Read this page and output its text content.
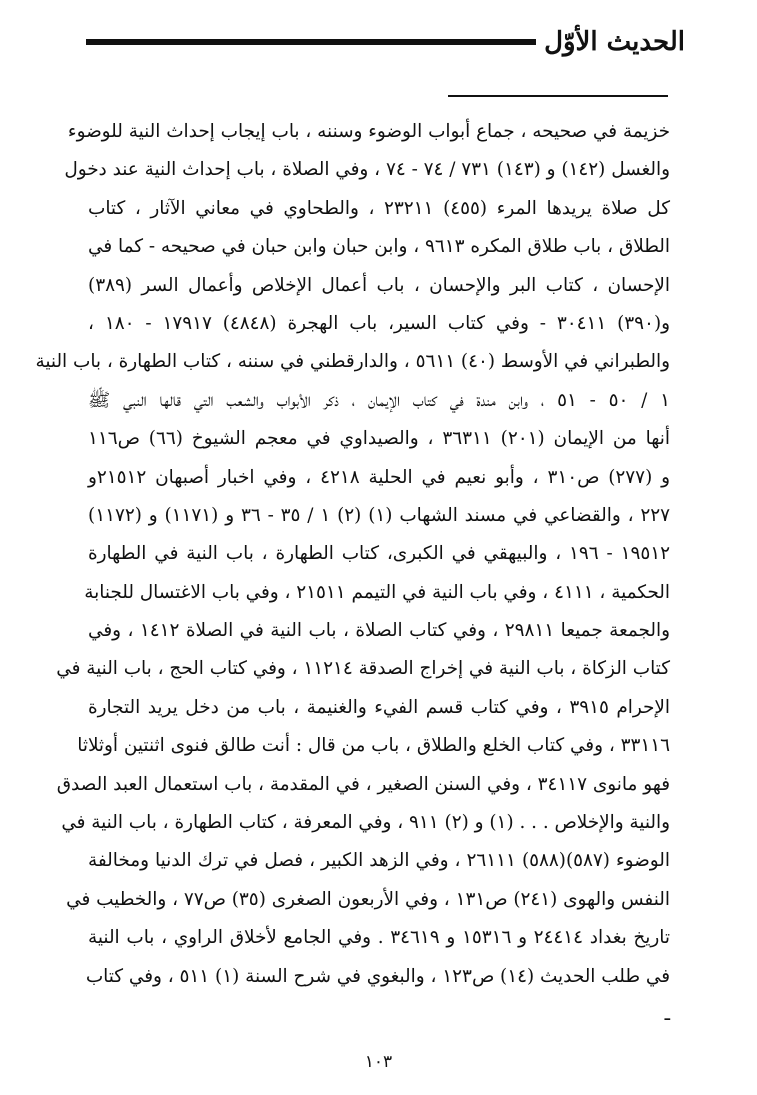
الحديث الأوّل
خزيمة في صحيحه ، جماع أبواب الوضوء وسننه ، باب إيجاب إحداث النية للوضوء
والغسل (١٤٢) و (١٤٣) ٧٣١ / ٧٤ - ٧٤ ، وفي الصلاة ، باب إحداث النية عند دخول
كل صلاة يريدها المرء (٤٥٥) ٢٣٢١١ ، والطحاوي في معاني الآثار ، كتاب
الطلاق ، باب طلاق المكره ٩٦١٣ ، وابن حبان وابن حبان في صحيحه - كما في
الإحسان ، كتاب البر والإحسان ، باب أعمال الإخلاص وأعمال السر (٣٨٩)
و(٣٩٠) ٣٠٤١١ - وفي كتاب السير، باب الهجرة (٤٨٤٨) ١٧٩١٧ - ١٨٠ ،
والطبراني في الأوسط (٤٠) ٥٦١١ ، والدارقطني في سننه ، كتاب الطهارة ، باب النية
١ / ٥٠ - ٥١ ، وابن مندة في كتاب الإيمان ، ذكر الأبواب والشعب التي قالها النبي ﷺ
أنها من الإيمان (٢٠١) ٣٦٣١١ ، والصيداوي في معجم الشيوخ (٦٦) ص١١٦
و (٢٧٧) ص٣١٠ ، وأبو نعيم في الحلية ٤٢١٨ ، وفي اخبار أصبهان ٢١٥١٢و
٢٢٧ ، والقضاعي في مسند الشهاب (١) (٢) ١ / ٣٥ - ٣٦ و (١١٧١) و (١١٧٢)
١٩٥١٢ - ١٩٦ ، والبيهقي في الكبرى، كتاب الطهارة ، باب النية في الطهارة
الحكمية ، ٤١١١ ، وفي باب النية في التيمم ٢١٥١١ ، وفي باب الاغتسال للجنابة
والجمعة جميعا ٢٩٨١١ ، وفي كتاب الصلاة ، باب النية في الصلاة ١٤١٢ ، وفي
كتاب الزكاة ، باب النية في إخراج الصدقة ١١٢١٤ ، وفي كتاب الحج ، باب النية في
الإحرام ٣٩١٥ ، وفي كتاب قسم الفيء والغنيمة ، باب من دخل يريد التجارة
٣٣١١٦ ، وفي كتاب الخلع والطلاق ، باب من قال : أنت طالق فنوى اثنتين أوثلاثا
فهو مانوى ٣٤١١٧ ، وفي السنن الصغير ، في المقدمة ، باب استعمال العبد الصدق
والنية والإخلاص . . . (١) و (٢) ٩١١ ، وفي المعرفة ، كتاب الطهارة ، باب النية في
الوضوء (٥٨٧)(٥٨٨) ٢٦١١١ ، وفي الزهد الكبير ، فصل في ترك الدنيا ومخالفة
النفس والهوى (٢٤١) ص١٣١ ، وفي الأربعون الصغرى (٣٥) ص٧٧ ، والخطيب في
تاريخ بغداد ٢٤٤١٤ و ١٥٣١٦ و ٣٤٦١٩ . وفي الجامع لأخلاق الراوي ، باب النية
في طلب الحديث (١٤) ص١٢٣ ، والبغوي في شرح السنة (١) ٥١١ ، وفي كتاب
ـ
١٠٣
